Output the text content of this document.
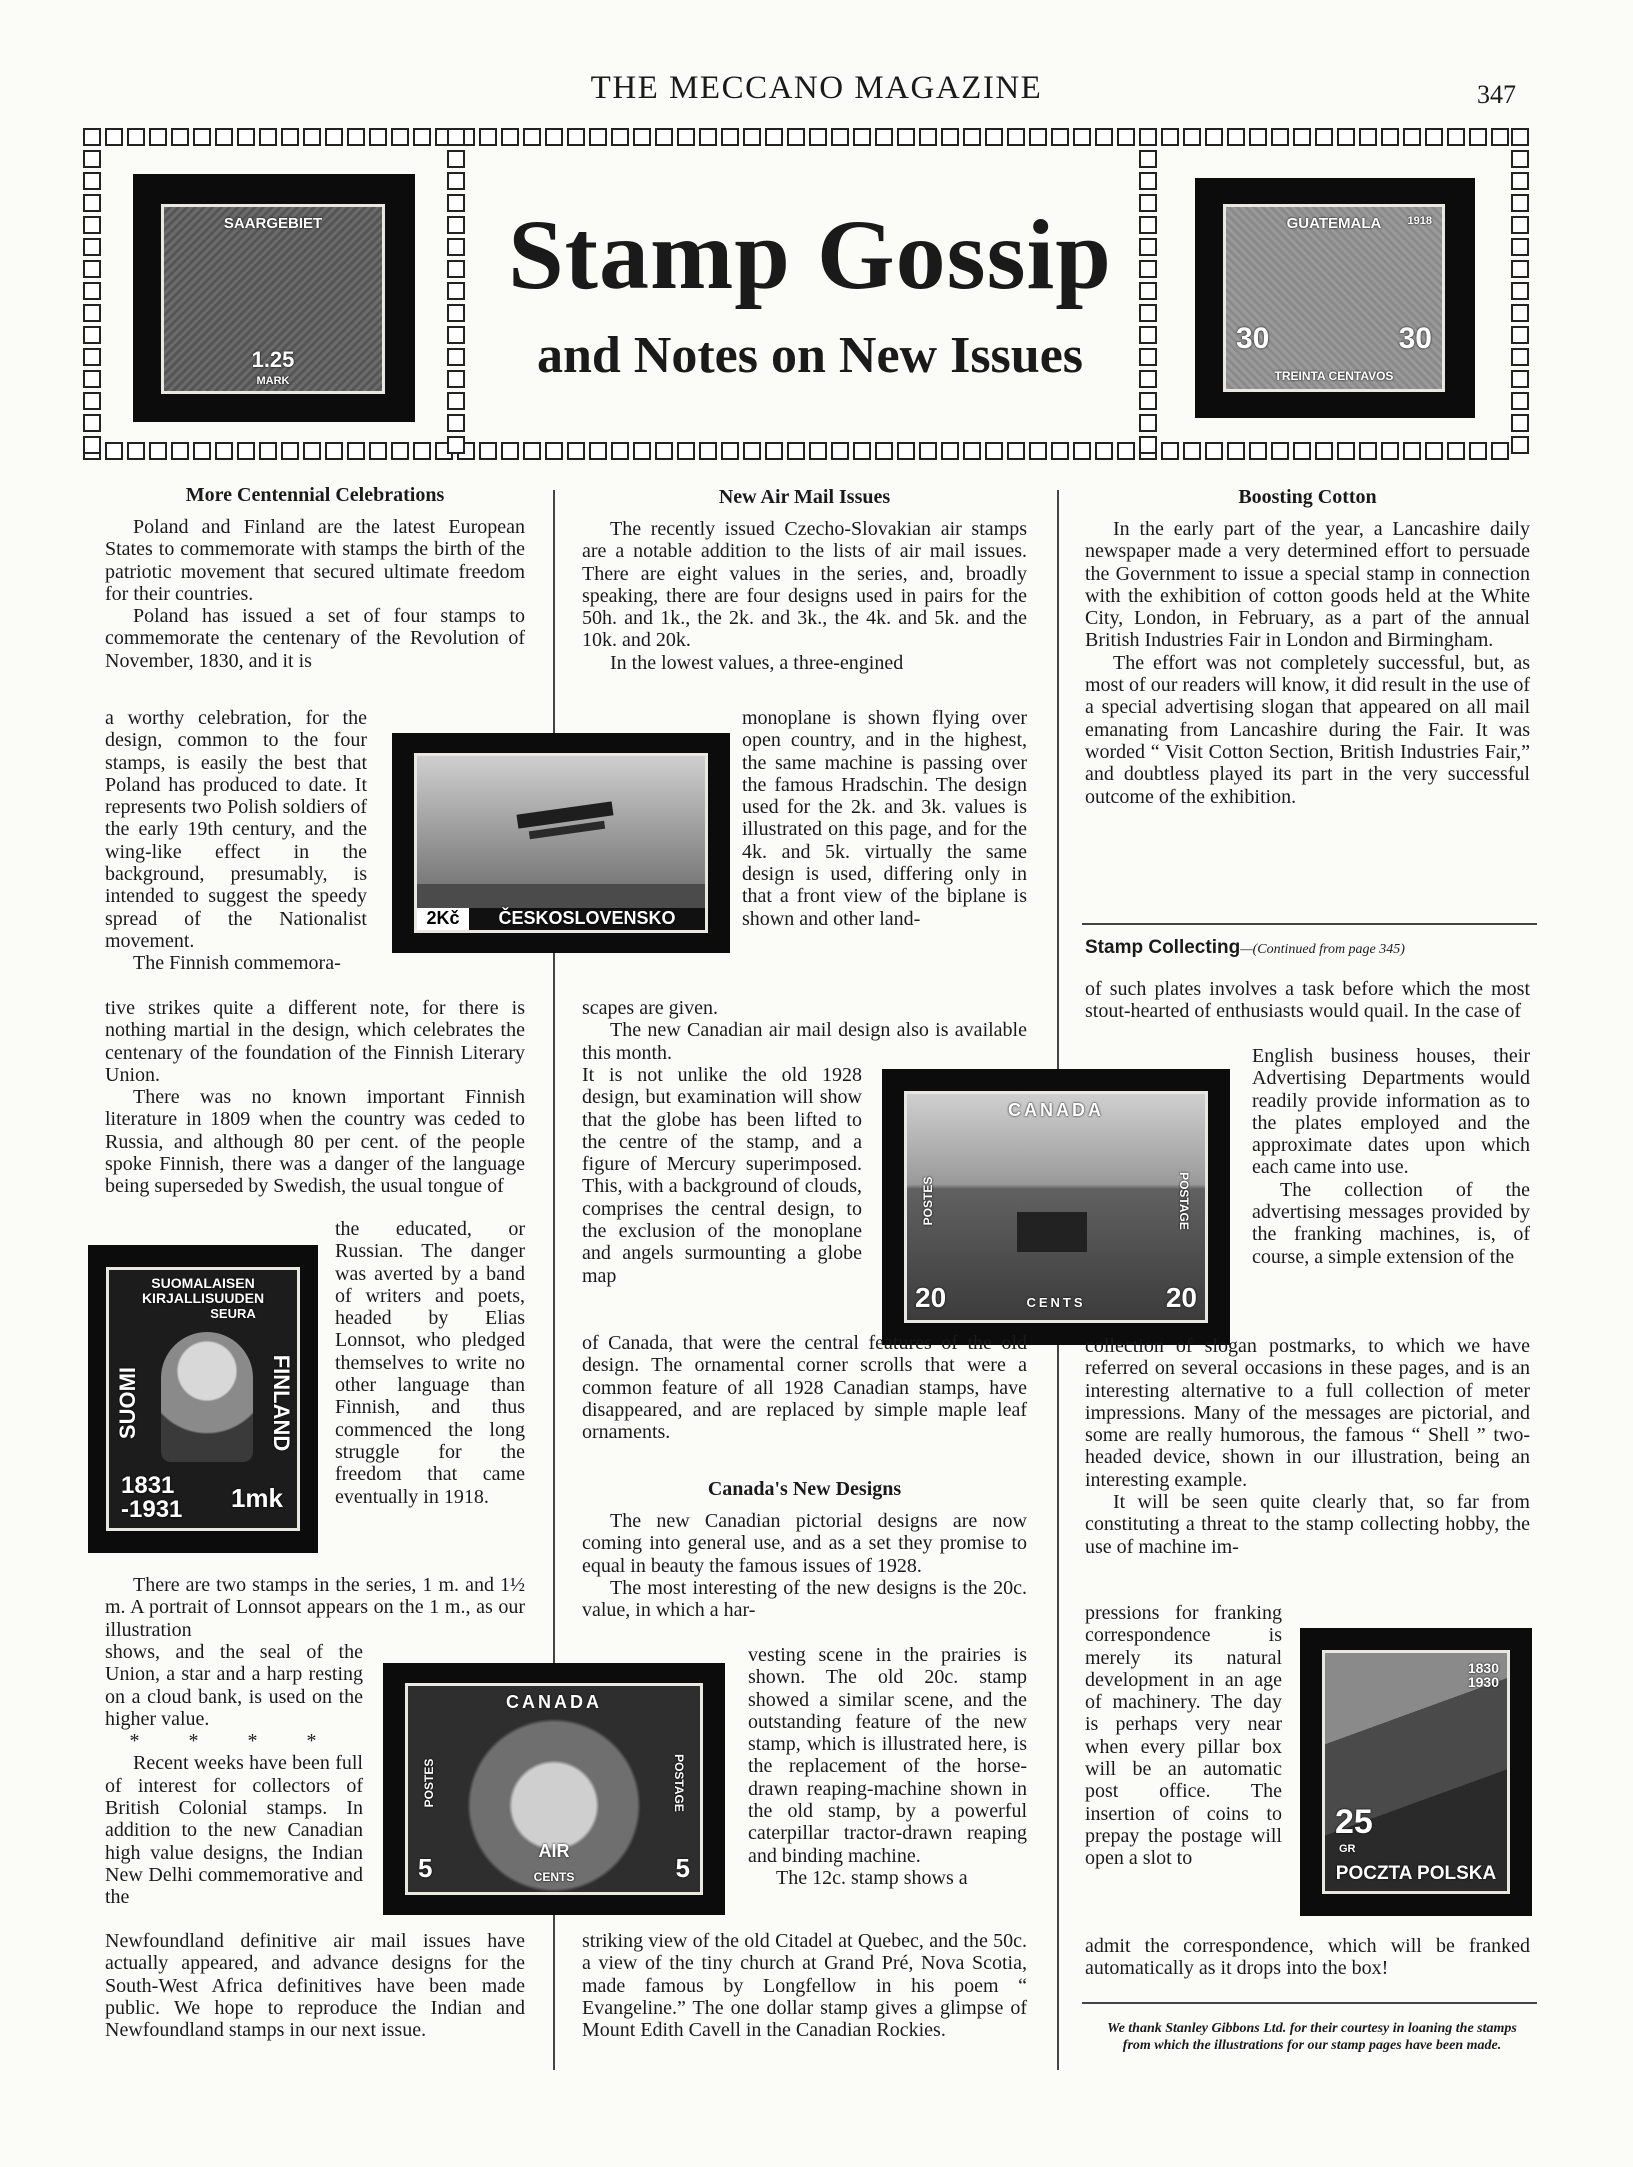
THE MECCANO MAGAZINE	347
SAARGEBIET
1.25
MARK
Stamp Gossip
and Notes on New Issues
GUATEMALA	1918
30	30
TREINTA CENTAVOS
More Centennial Celebrations

Poland and Finland are the latest European States to commemorate with stamps the birth of the patriotic movement that secured ultimate freedom for their countries.

Poland has issued a set of four stamps to commemorate the centenary of the Revolution of November, 1830, and it is

a worthy celebration, for the design, common to the four stamps, is easily the best that Poland has produced to date. It represents two Polish soldiers of the early 19th century, and the wing-like effect in the background, presumably, is intended to suggest the speedy spread of the Nationalist movement.

The Finnish commemora-

tive strikes quite a different note, for there is nothing martial in the design, which celebrates the centenary of the foundation of the Finnish Literary Union.

There was no known important Finnish literature in 1809 when the country was ceded to Russia, and although 80 per cent. of the people spoke Finnish, there was a danger of the language being superseded by Swedish, the usual tongue of

SUOMALAISEN
KIRJALLISUUDEN
SEURA
SUOMI	FINLAND
1831
-1931 1mk

the educated, or Russian. The danger was averted by a band of writers and poets, headed by Elias Lonnsot, who pledged themselves to write no other language than Finnish, and thus commenced the long struggle for the freedom that came eventually in 1918.

There are two stamps in the series, 1 m. and 1½ m. A portrait of Lonnsot appears on the 1 m., as our illustration

shows, and the seal of the Union, a star and a harp resting on a cloud bank, is used on the higher value.

* * * *

Recent weeks have been full of interest for collectors of British Colonial stamps. In addition to the new Canadian high value designs, the Indian New Delhi commemorative and the

Newfoundland definitive air mail issues have actually appeared, and advance designs for the South-West Africa definitives have been made public. We hope to reproduce the Indian and Newfoundland stamps in our next issue.

CANADA
POSTES	POSTAGE
AIR
5	5
CENTS
New Air Mail Issues

The recently issued Czecho-Slovakian air stamps are a notable addition to the lists of air mail issues. There are eight values in the series, and, broadly speaking, there are four designs used in pairs for the 50h. and 1k., the 2k. and 3k., the 4k. and 5k. and the 10k. and 20k.

In the lowest values, a three-engined

2Kč	ČESKOSLOVENSKO

monoplane is shown flying over open country, and in the highest, the same machine is passing over the famous Hradschin. The design used for the 2k. and 3k. values is illustrated on this page, and for the 4k. and 5k. virtually the same design is used, differing only in that a front view of the biplane is shown and other land-

scapes are given.

The new Canadian air mail design also is available this month.

It is not unlike the old 1928 design, but examination will show that the globe has been lifted to the centre of the stamp, and a figure of Mercury superimposed. This, with a background of clouds, comprises the central design, to the exclusion of the monoplane and angels surmounting a globe map

CANADA
POSTES	POSTAGE
20	20
CENTS

of Canada, that were the central features of the old design. The ornamental corner scrolls that were a common feature of all 1928 Canadian stamps, have disappeared, and are replaced by simple maple leaf ornaments.

Canada's New Designs

The new Canadian pictorial designs are now coming into general use, and as a set they promise to equal in beauty the famous issues of 1928.

The most interesting of the new designs is the 20c. value, in which a har-

vesting scene in the prairies is shown. The old 20c. stamp showed a similar scene, and the outstanding feature of the new stamp, which is illustrated here, is the replacement of the horse-drawn reaping-machine shown in the old stamp, by a powerful caterpillar tractor-drawn reaping and binding machine.

The 12c. stamp shows a

striking view of the old Citadel at Quebec, and the 50c. a view of the tiny church at Grand Pré, Nova Scotia, made famous by Longfellow in his poem “ Evangeline.” The one dollar stamp gives a glimpse of Mount Edith Cavell in the Canadian Rockies.

Boosting Cotton

In the early part of the year, a Lancashire daily newspaper made a very determined effort to persuade the Government to issue a special stamp in connection with the exhibition of cotton goods held at the White City, London, in February, as a part of the annual British Industries Fair in London and Birmingham.

The effort was not completely successful, but, as most of our readers will know, it did result in the use of a special advertising slogan that appeared on all mail emanating from Lancashire during the Fair. It was worded “ Visit Cotton Section, British Industries Fair,” and doubtless played its part in the very successful outcome of the exhibition.

Stamp Collecting—(Continued from page 345)

of such plates involves a task before which the most stout-hearted of enthusiasts would quail. In the case of

English business houses, their Advertising Departments would readily provide information as to the plates employed and the approximate dates upon which each came into use.

The collection of the advertising messages provided by the franking machines, is, of course, a simple extension of the

collection of slogan postmarks, to which we have referred on several occasions in these pages, and is an interesting alternative to a full collection of meter impressions. Many of the messages are pictorial, and some are really humorous, the famous “ Shell ” two-headed device, shown in our illustration, being an interesting example.

It will be seen quite clearly that, so far from constituting a threat to the stamp collecting hobby, the use of machine im-

pressions for franking correspondence is merely its natural development in an age of machinery. The day is perhaps very near when every pillar box will be an automatic post office. The insertion of coins to prepay the postage will open a slot to

1830
1930
25
GR
POCZTA POLSKA

admit the correspondence, which will be franked automatically as it drops into the box!

We thank Stanley Gibbons Ltd. for their courtesy in loaning the stamps from which the illustrations for our stamp pages have been made.
